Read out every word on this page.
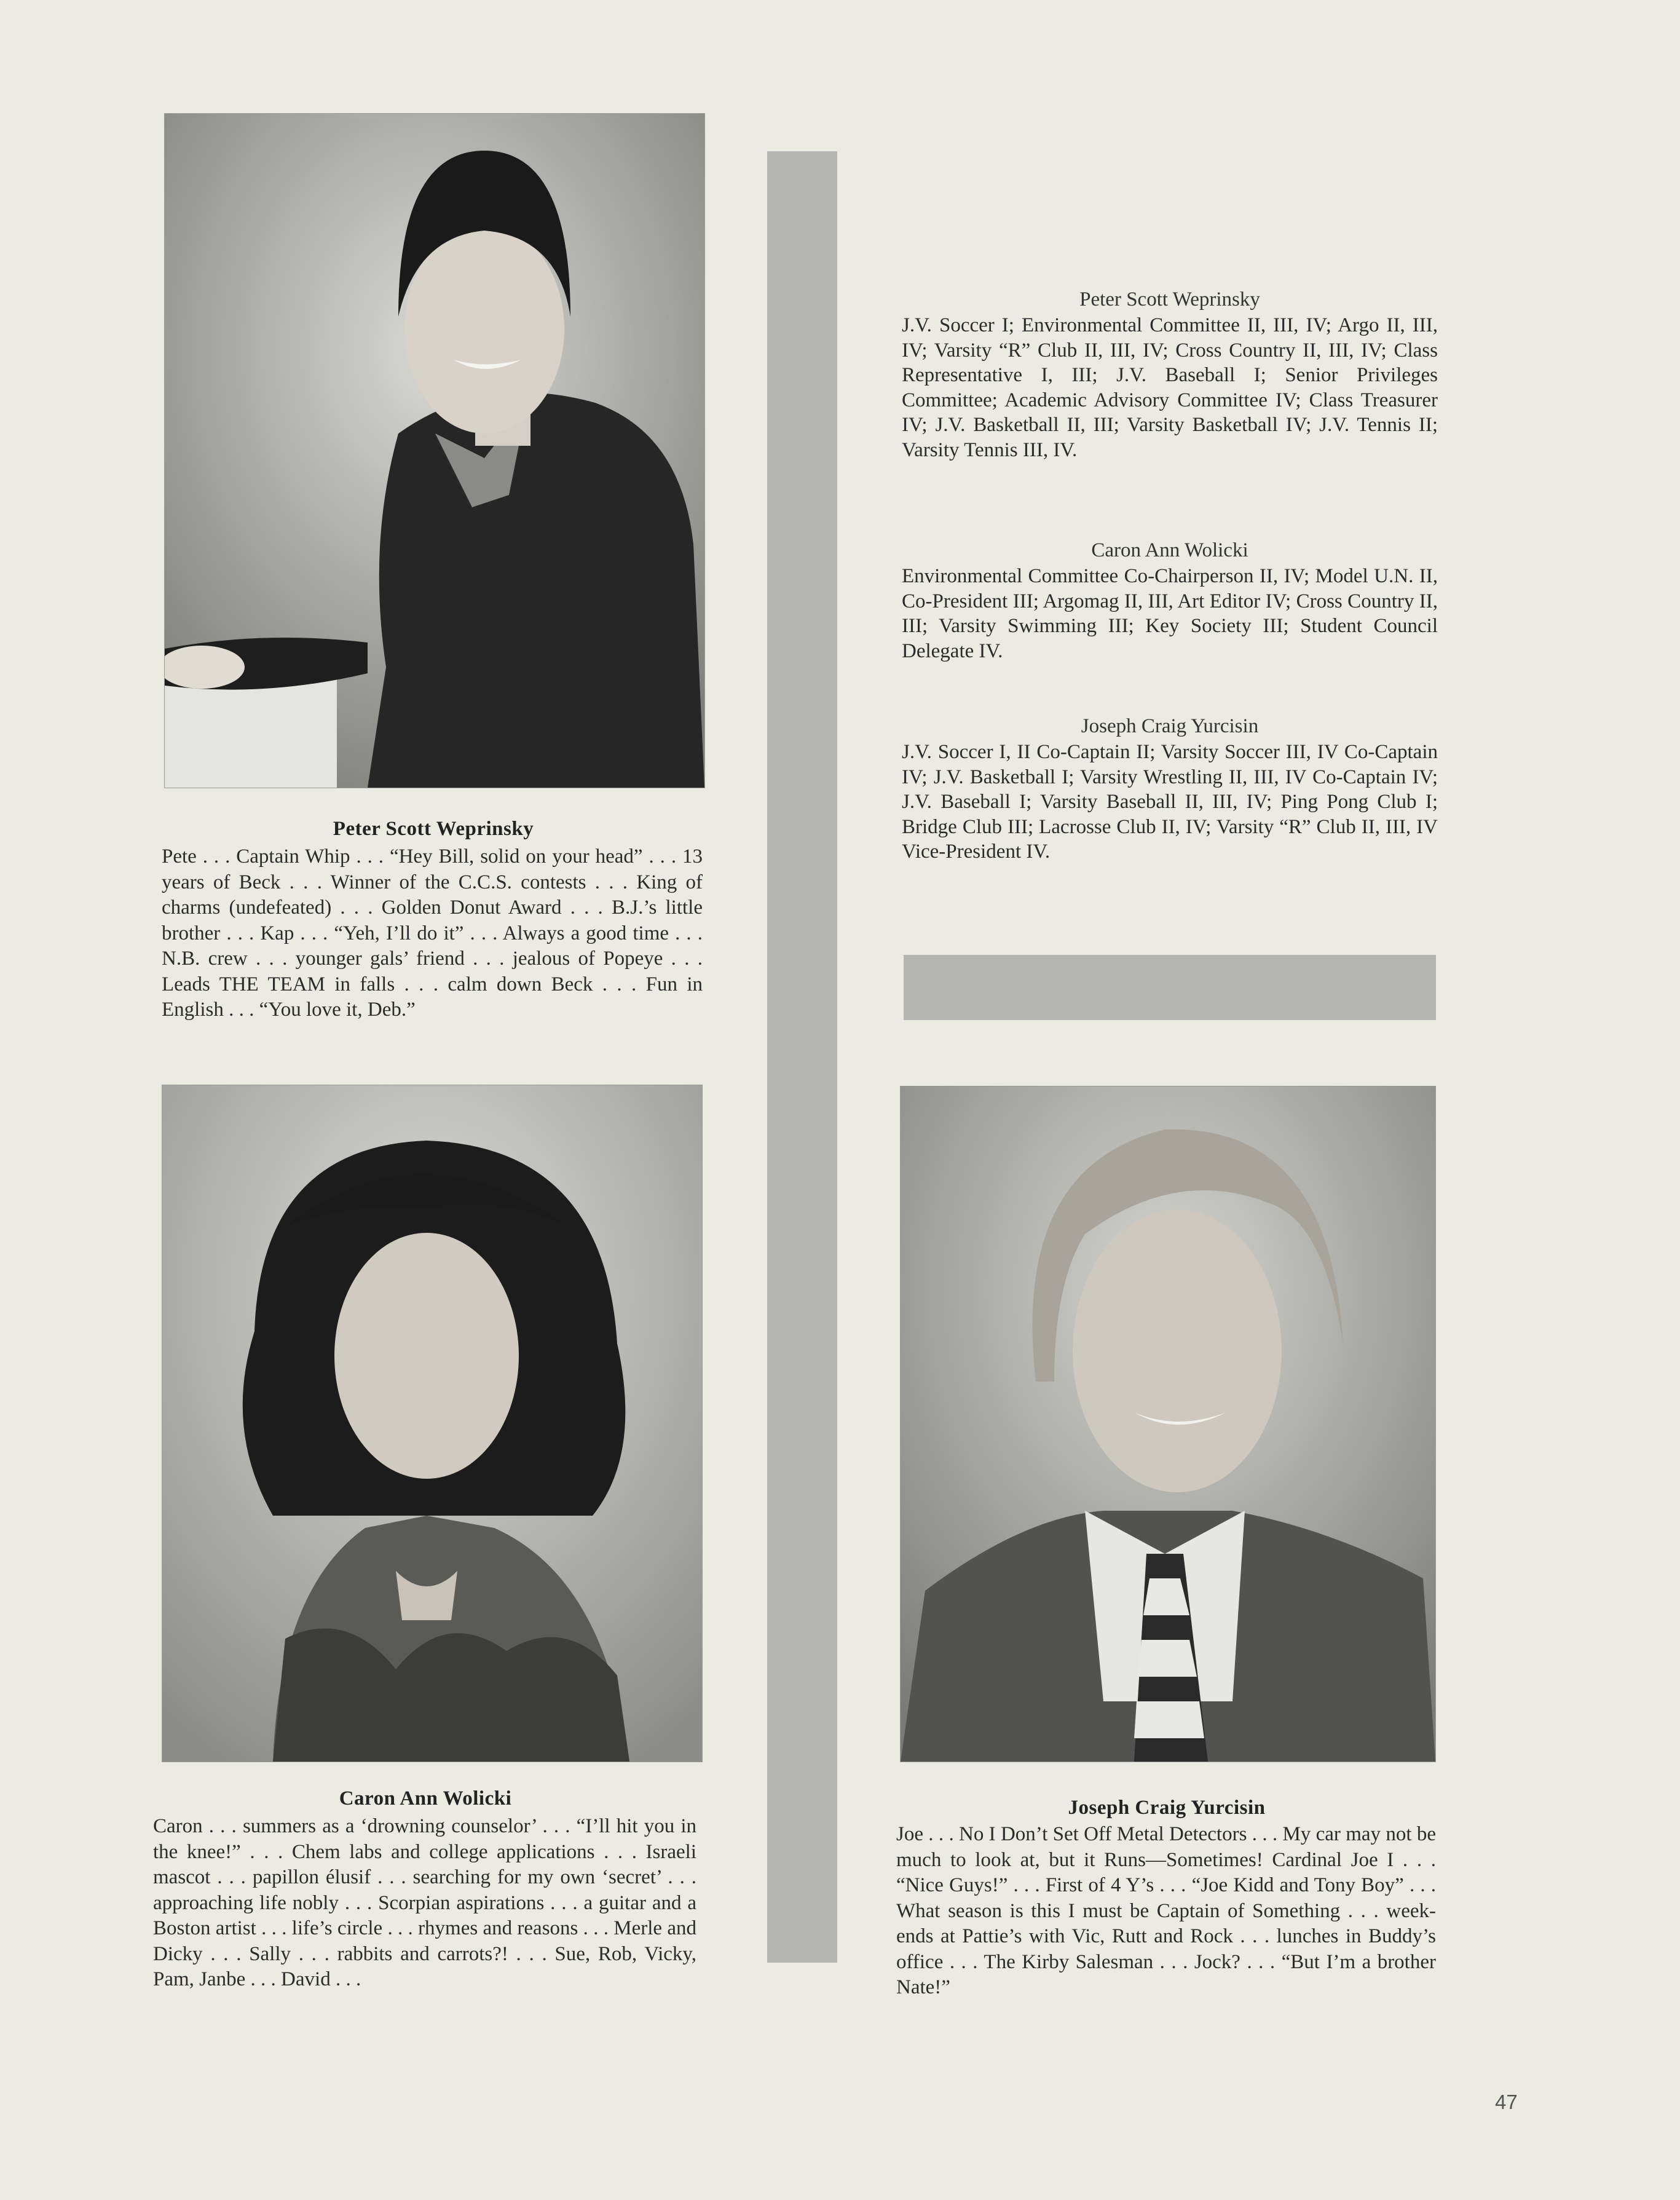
Peter Scott Weprinsky

Pete . . . Captain Whip . . . “Hey Bill, solid on your head” . . . 13 years of Beck . . . Winner of the C.C.S. contests . . . King of charms (undefeated) . . . Golden Donut Award . . . B.J.’s little brother . . . Kap . . . “Yeh, I’ll do it” . . . Always a good time . . . N.B. crew . . . younger gals’ friend . . . jealous of Popeye . . . Leads THE TEAM in falls . . . calm down Beck . . . Fun in English . . . “You love it, Deb.”

Caron Ann Wolicki

Caron . . . summers as a ‘drowning counselor’ . . . “I’ll hit you in the knee!” . . . Chem labs and college applications . . . Israeli mascot . . . papillon élusif . . . searching for my own ‘secret’ . . . approaching life nobly . . . Scorpian aspirations . . . a guitar and a Boston artist . . . life’s circle . . . rhymes and reasons . . . Merle and Dicky . . . Sally . . . rabbits and carrots?! . . . Sue, Rob, Vicky, Pam, Janbe . . . David . . .

Joseph Craig Yurcisin

Joe . . . No I Don’t Set Off Metal Detectors . . . My car may not be much to look at, but it Runs—Sometimes! Cardinal Joe I . . . “Nice Guys!” . . . First of 4 Y’s . . . “Joe Kidd and Tony Boy” . . . What season is this I must be Captain of Something . . . week-ends at Pattie’s with Vic, Rutt and Rock . . . lunches in Buddy’s office . . . The Kirby Salesman . . . Jock? . . . “But I’m a brother Nate!”

Peter Scott Weprinsky

J.V. Soccer I; Environmental Committee II, III, IV; Argo II, III, IV; Varsity “R” Club II, III, IV; Cross Country II, III, IV; Class Representative I, III; J.V. Baseball I; Senior Privileges Committee; Academic Advisory Committee IV; Class Treasurer IV; J.V. Basketball II, III; Varsity Basketball IV; J.V. Tennis II; Varsity Tennis III, IV.

Caron Ann Wolicki

Environmental Committee Co-Chairperson II, IV; Model U.N. II, Co-President III; Argomag II, III, Art Editor IV; Cross Country II, III; Varsity Swimming III; Key Society III; Student Council Delegate IV.

Joseph Craig Yurcisin

J.V. Soccer I, II Co-Captain II; Varsity Soccer III, IV Co-Captain IV; J.V. Basketball I; Varsity Wrestling II, III, IV Co-Captain IV; J.V. Baseball I; Varsity Baseball II, III, IV; Ping Pong Club I; Bridge Club III; Lacrosse Club II, IV; Varsity “R” Club II, III, IV Vice-President IV.

47
